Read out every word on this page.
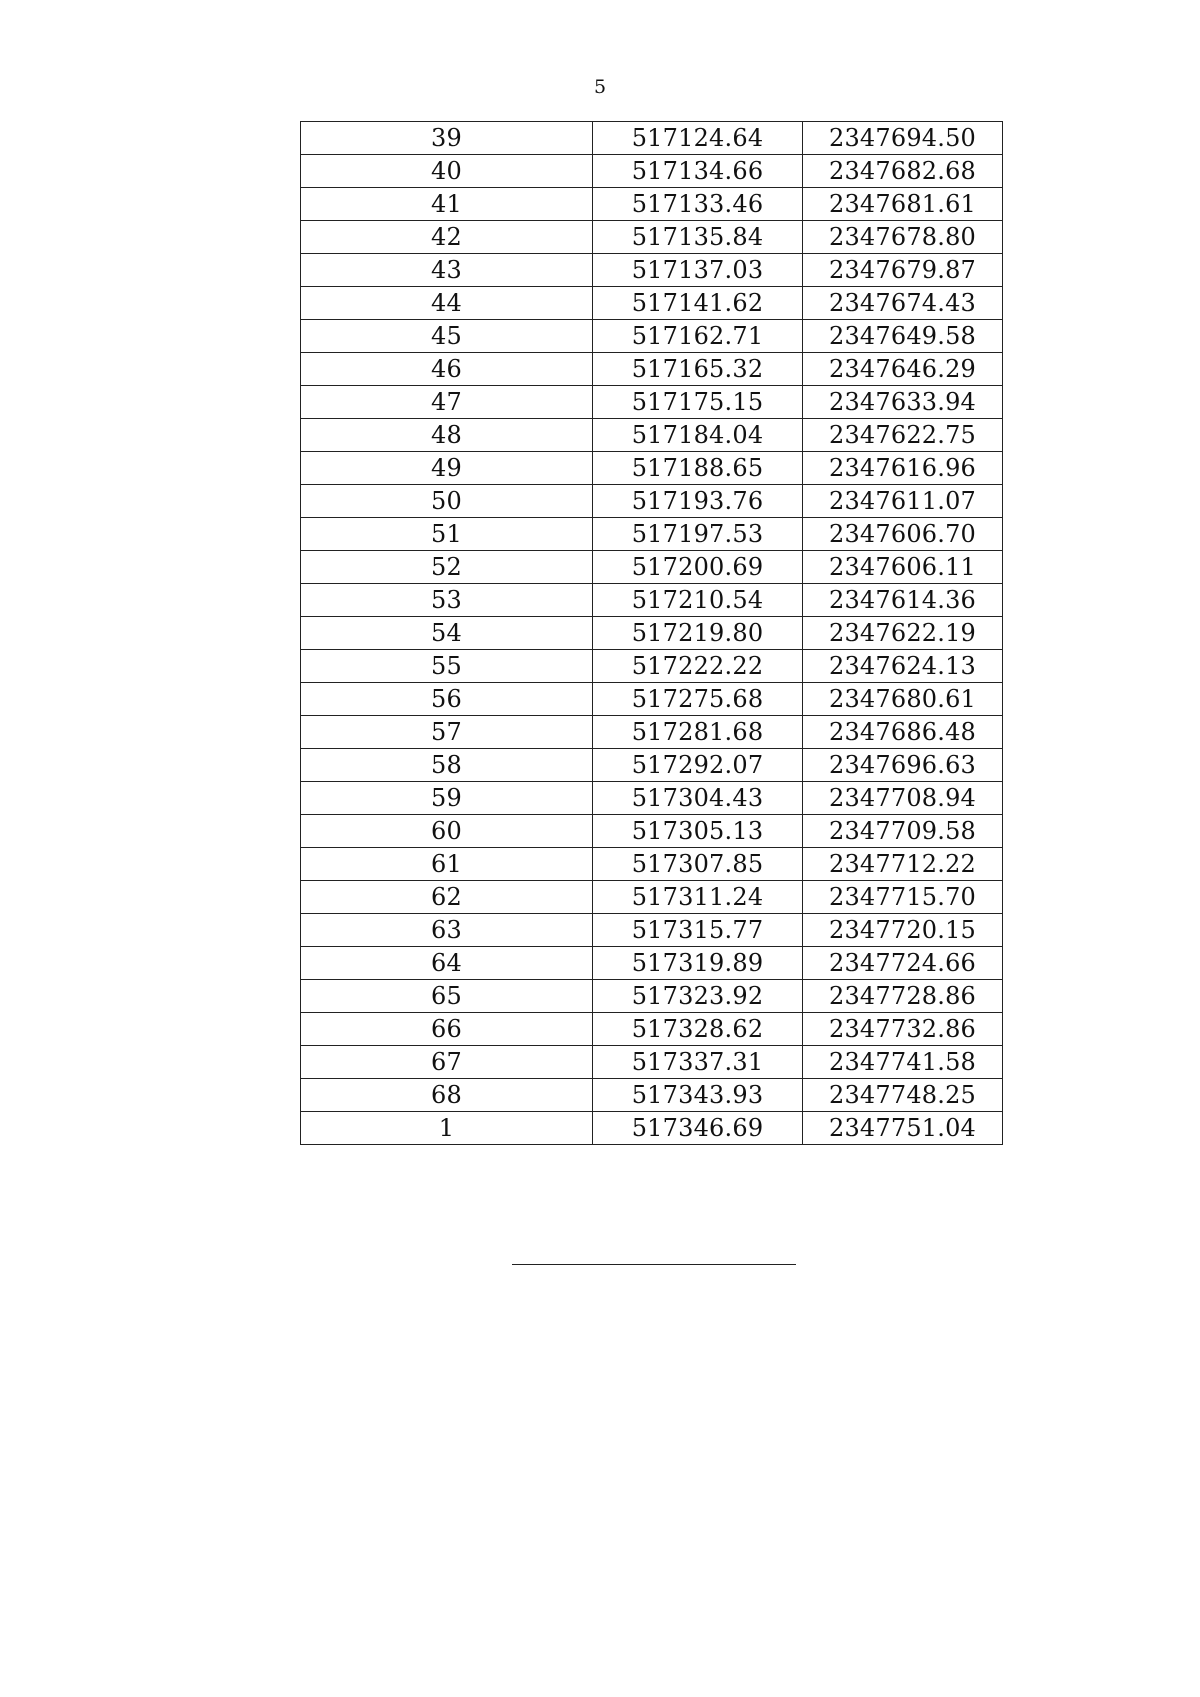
5
39	517124.64	2347694.50
40	517134.66	2347682.68
41	517133.46	2347681.61
42	517135.84	2347678.80
43	517137.03	2347679.87
44	517141.62	2347674.43
45	517162.71	2347649.58
46	517165.32	2347646.29
47	517175.15	2347633.94
48	517184.04	2347622.75
49	517188.65	2347616.96
50	517193.76	2347611.07
51	517197.53	2347606.70
52	517200.69	2347606.11
53	517210.54	2347614.36
54	517219.80	2347622.19
55	517222.22	2347624.13
56	517275.68	2347680.61
57	517281.68	2347686.48
58	517292.07	2347696.63
59	517304.43	2347708.94
60	517305.13	2347709.58
61	517307.85	2347712.22
62	517311.24	2347715.70
63	517315.77	2347720.15
64	517319.89	2347724.66
65	517323.92	2347728.86
66	517328.62	2347732.86
67	517337.31	2347741.58
68	517343.93	2347748.25
1	517346.69	2347751.04
